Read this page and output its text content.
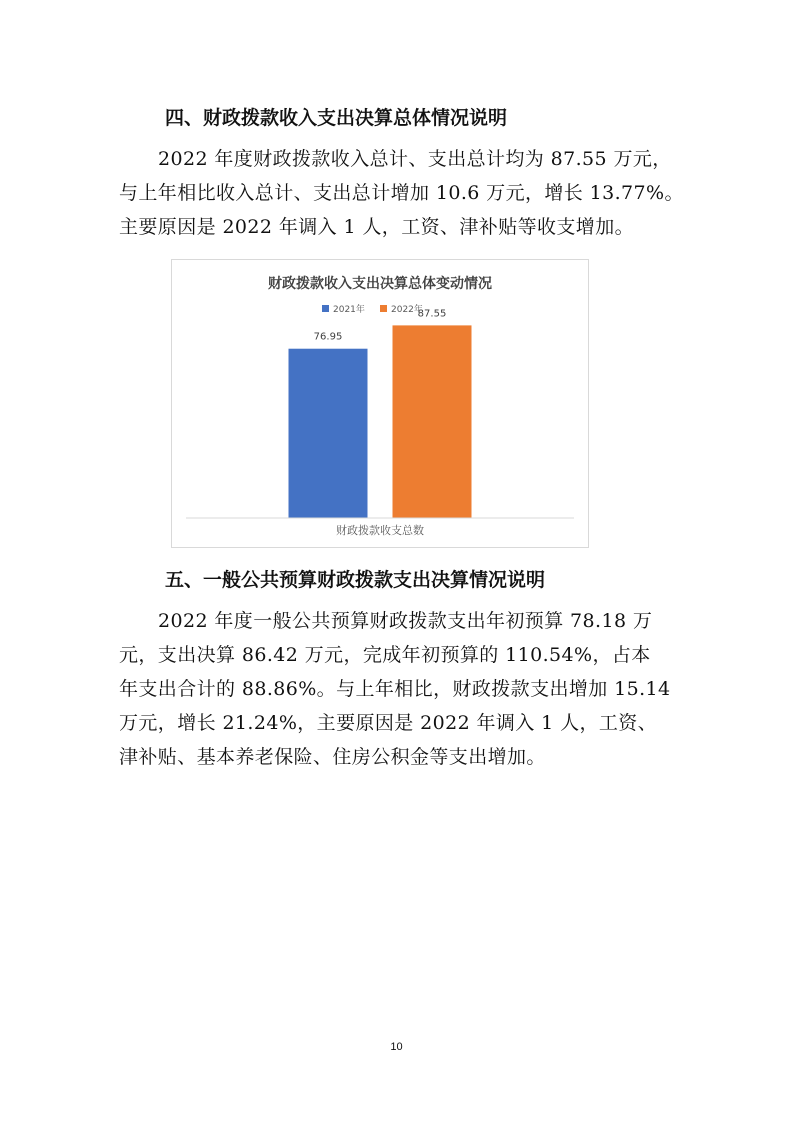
四、财政拨款收入支出决算总体情况说明

2022 年度财政拨款收入总计、支出总计均为 87.55 万元，
与上年相比收入总计、支出总计增加 10.6 万元，增长 13.77%。
主要原因是 2022 年调入 1 人，工资、津补贴等收支增加。

财政拨款收入支出决算总体变动情况
2021年	2022年
76.95
87.55
财政拨款收支总数
五、一般公共预算财政拨款支出决算情况说明

2022 年度一般公共预算财政拨款支出年初预算 78.18 万
元，支出决算 86.42 万元，完成年初预算的 110.54%，占本
年支出合计的 88.86%。与上年相比，财政拨款支出增加 15.14
万元，增长 21.24%，主要原因是 2022 年调入 1 人，工资、
津补贴、基本养老保险、住房公积金等支出增加。

10
